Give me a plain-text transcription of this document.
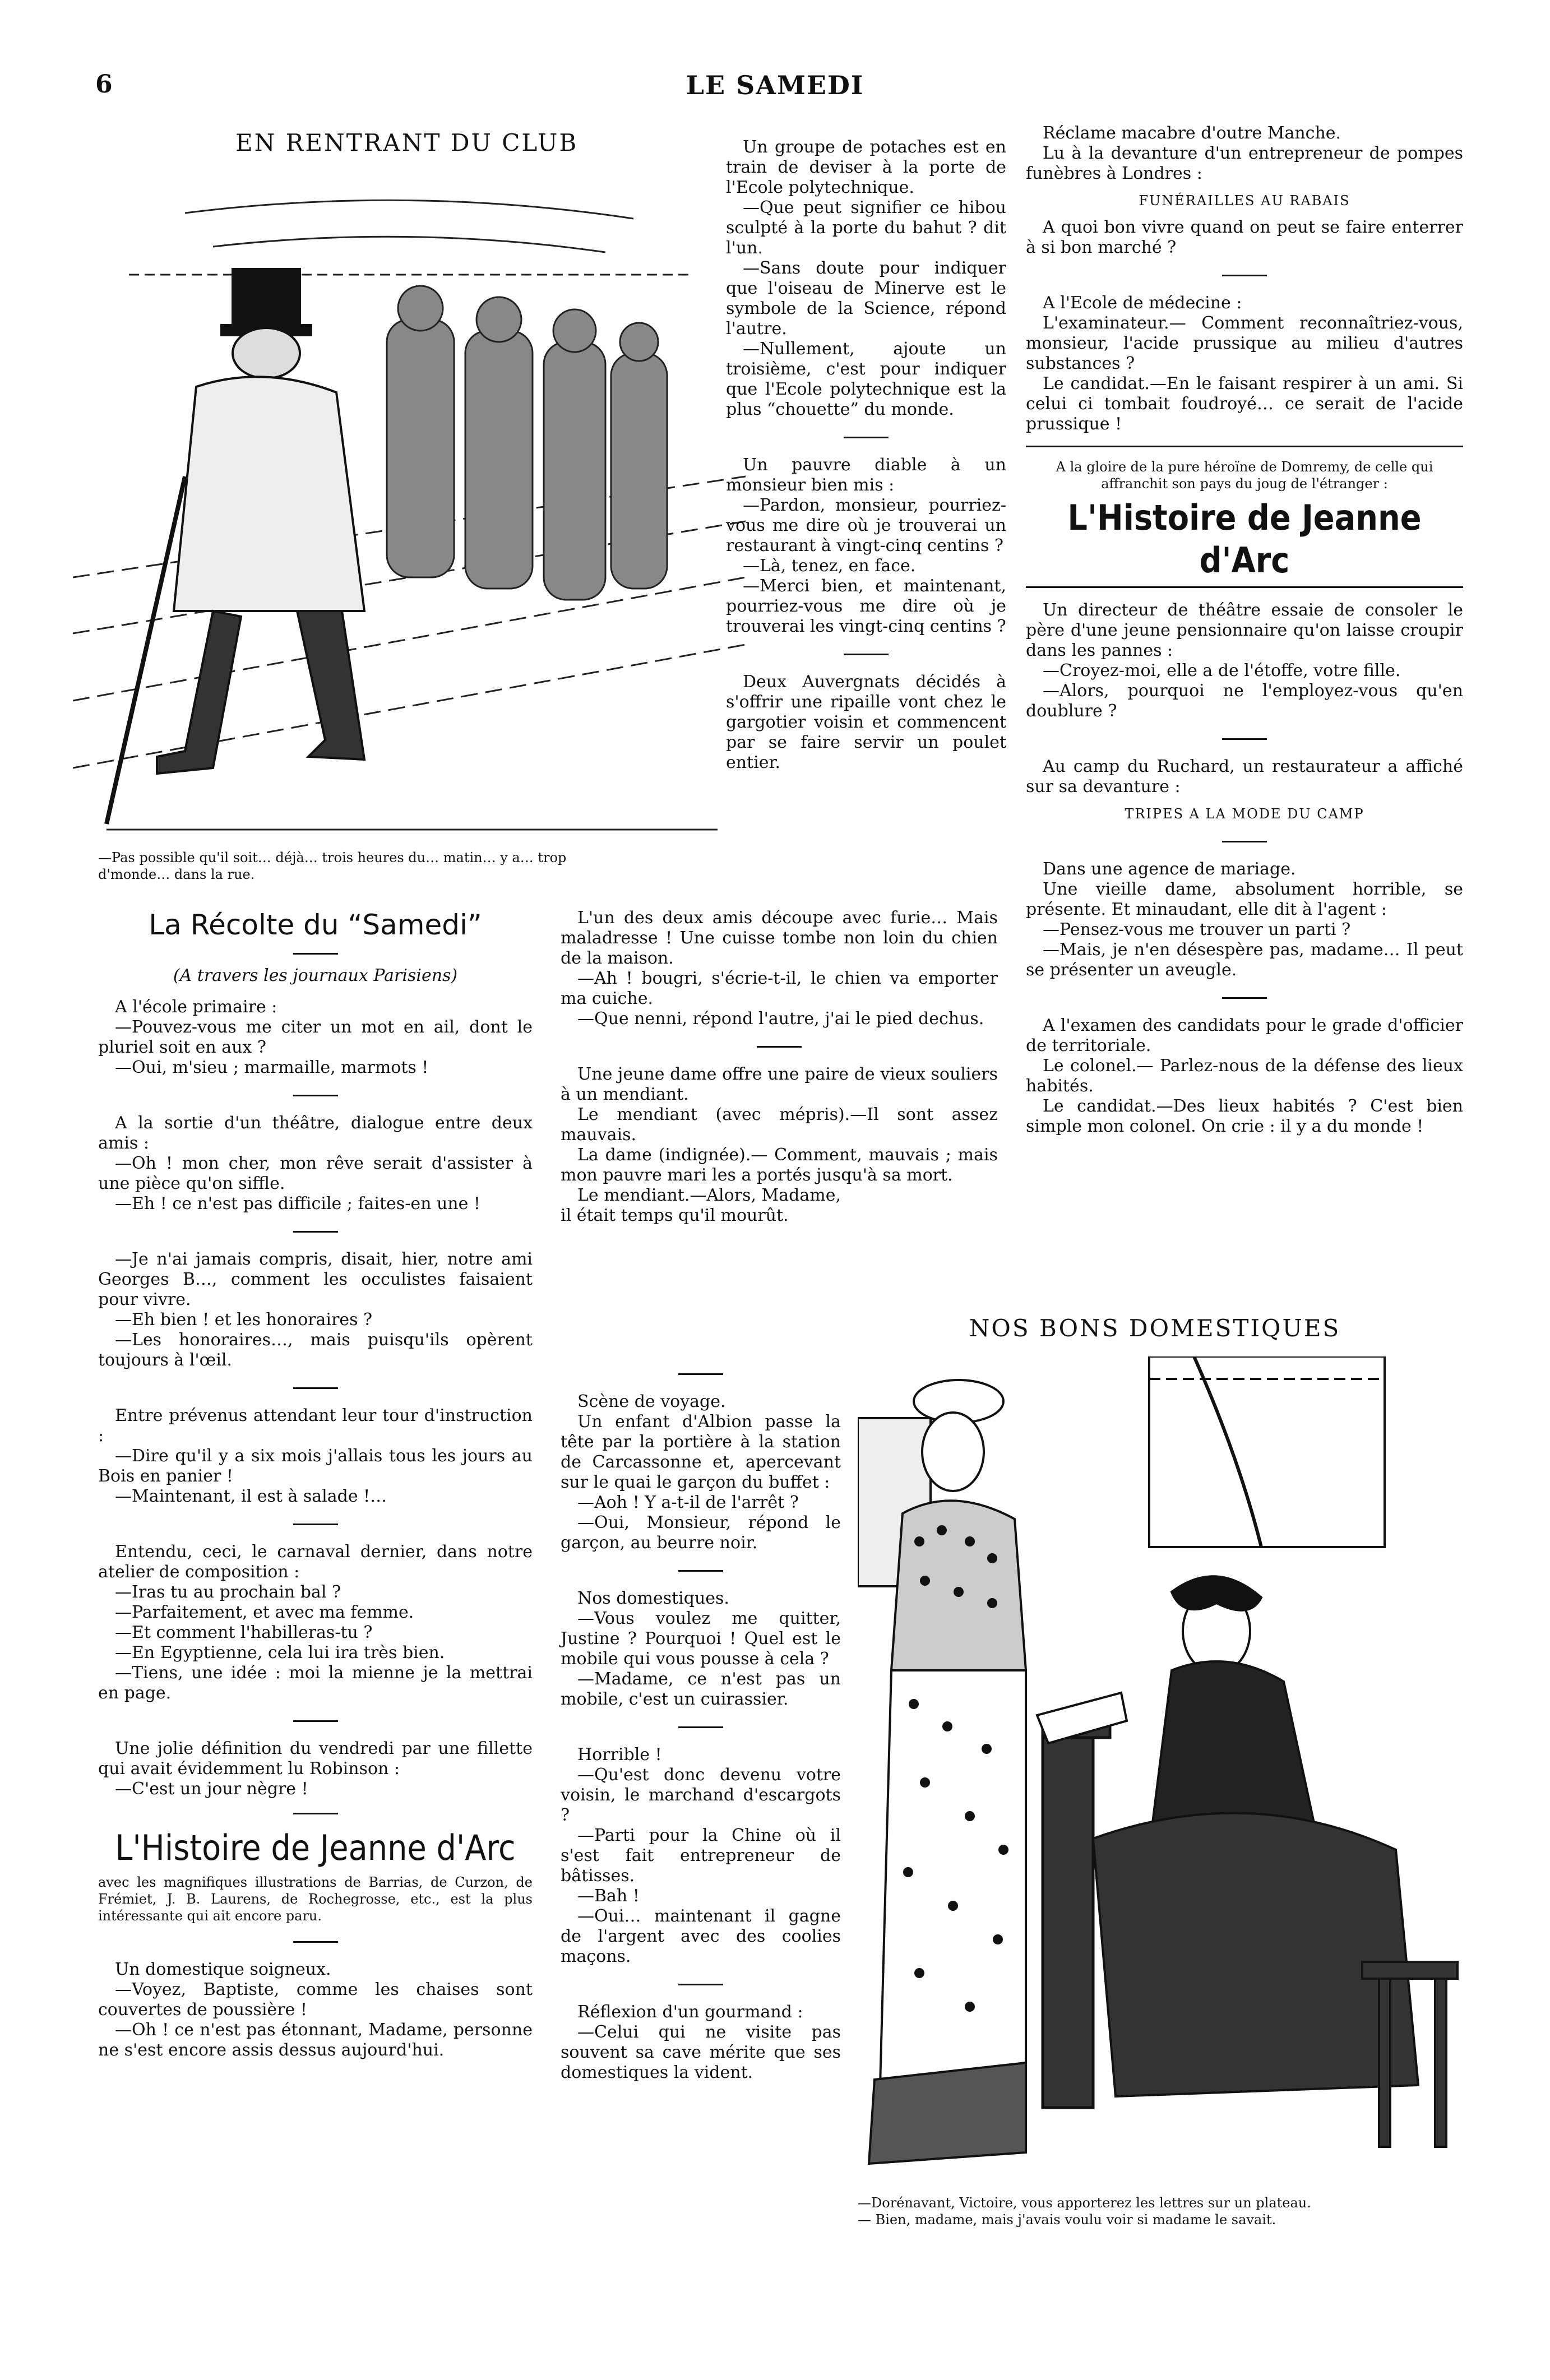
6	LE SAMEDI
EN RENTRANT DU CLUB
—Pas possible qu'il soit… déjà… trois heures du… matin… y a… trop
d'monde… dans la rue.
La Récolte du “Samedi”
(A travers les journaux Parisiens)

A l'école primaire :

—Pouvez-vous me citer un mot en ail, dont le pluriel soit en aux ?

—Oui, m'sieu ; marmaille, marmots !

A la sortie d'un théâtre, dialogue entre deux amis :

—Oh ! mon cher, mon rêve serait d'assister à une pièce qu'on siffle.

—Eh ! ce n'est pas difficile ; faites-en une !

—Je n'ai jamais compris, disait, hier, notre ami Georges B…, comment les occulistes faisaient pour vivre.

—Eh bien ! et les honoraires ?

—Les honoraires…, mais puisqu'ils opèrent toujours à l'œil.

Entre prévenus attendant leur tour d'instruction :

—Dire qu'il y a six mois j'allais tous les jours au Bois en panier !

—Maintenant, il est à salade !…

Entendu, ceci, le carnaval dernier, dans notre atelier de composition :

—Iras tu au prochain bal ?

—Parfaitement, et avec ma femme.

—Et comment l'habilleras-tu ?

—En Egyptienne, cela lui ira très bien.

—Tiens, une idée : moi la mienne je la mettrai en page.

Une jolie définition du vendredi par une fillette qui avait évidemment lu Robinson :

—C'est un jour nègre !

L'Histoire de Jeanne d'Arc

avec les magnifiques illustrations de Barrias, de Curzon, de Frémiet, J. B. Laurens, de Rochegrosse, etc., est la plus intéressante qui ait encore paru.

Un domestique soigneux.

—Voyez, Baptiste, comme les chaises sont couvertes de poussière !

—Oh ! ce n'est pas étonnant, Madame, personne ne s'est encore assis dessus aujourd'hui.

Un groupe de potaches est en train de deviser à la porte de l'Ecole polytechnique.

—Que peut signifier ce hibou sculpté à la porte du bahut ? dit l'un.

—Sans doute pour indiquer que l'oiseau de Minerve est le symbole de la Science, répond l'autre.

—Nullement, ajoute un troisième, c'est pour indiquer que l'Ecole polytechnique est la plus “chouette” du monde.

Un pauvre diable à un monsieur bien mis :

—Pardon, monsieur, pourriez-vous me dire où je trouverai un restaurant à vingt-cinq centins ?

—Là, tenez, en face.

—Merci bien, et maintenant, pourriez-vous me dire où je trouverai les vingt-cinq centins ?

Deux Auvergnats décidés à s'offrir une ripaille vont chez le gargotier voisin et commencent par se faire servir un poulet entier.

L'un des deux amis découpe avec furie… Mais maladresse ! Une cuisse tombe non loin du chien de la maison.

—Ah ! bougri, s'écrie-t-il, le chien va emporter ma cuiche.

—Que nenni, répond l'autre, j'ai le pied dechus.

Une jeune dame offre une paire de vieux souliers à un mendiant.

Le mendiant (avec mépris).—Il sont assez mauvais.

La dame (indignée).— Comment, mauvais ; mais mon pauvre mari les a portés jusqu'à sa mort.

Le mendiant.—Alors, Madame, il était temps qu'il mourût.

Scène de voyage.

Un enfant d'Albion passe la tête par la portière à la station de Carcassonne et, apercevant sur le quai le garçon du buffet :

—Aoh ! Y a-t-il de l'arrêt ?

—Oui, Monsieur, répond le garçon, au beurre noir.

Nos domestiques.

—Vous voulez me quitter, Justine ? Pourquoi ! Quel est le mobile qui vous pousse à cela ?

—Madame, ce n'est pas un mobile, c'est un cuirassier.

Horrible !

—Qu'est donc devenu votre voisin, le marchand d'escargots ?

—Parti pour la Chine où il s'est fait entrepreneur de bâtisses.

—Bah !

—Oui… maintenant il gagne de l'argent avec des coolies maçons.

Réflexion d'un gourmand :

—Celui qui ne visite pas souvent sa cave mérite que ses domestiques la vident.

Réclame macabre d'outre Manche.

Lu à la devanture d'un entrepreneur de pompes funèbres à Londres :

FUNÉRAILLES AU RABAIS

A quoi bon vivre quand on peut se faire enterrer à si bon marché ?

A l'Ecole de médecine :

L'examinateur.— Comment reconnaîtriez-vous, monsieur, l'acide prussique au milieu d'autres substances ?

Le candidat.—En le faisant respirer à un ami. Si celui ci tombait foudroyé… ce serait de l'acide prussique !

A la gloire de la pure héroïne de Domremy, de celle qui affranchit son pays du joug de l'étranger :

L'Histoire de Jeanne d'Arc

Un directeur de théâtre essaie de consoler le père d'une jeune pensionnaire qu'on laisse croupir dans les pannes :

—Croyez-moi, elle a de l'étoffe, votre fille.

—Alors, pourquoi ne l'employez-vous qu'en doublure ?

Au camp du Ruchard, un restaurateur a affiché sur sa devanture :

TRIPES A LA MODE DU CAMP

Dans une agence de mariage.

Une vieille dame, absolument horrible, se présente. Et minaudant, elle dit à l'agent :

—Pensez-vous me trouver un parti ?

—Mais, je n'en désespère pas, madame… Il peut se présenter un aveugle.

A l'examen des candidats pour le grade d'officier de territoriale.

Le colonel.— Parlez-nous de la défense des lieux habités.

Le candidat.—Des lieux habités ? C'est bien simple mon colonel. On crie : il y a du monde !

NOS BONS DOMESTIQUES
—Dorénavant, Victoire, vous apporterez les lettres sur un plateau.
— Bien, madame, mais j'avais voulu voir si madame le savait.
